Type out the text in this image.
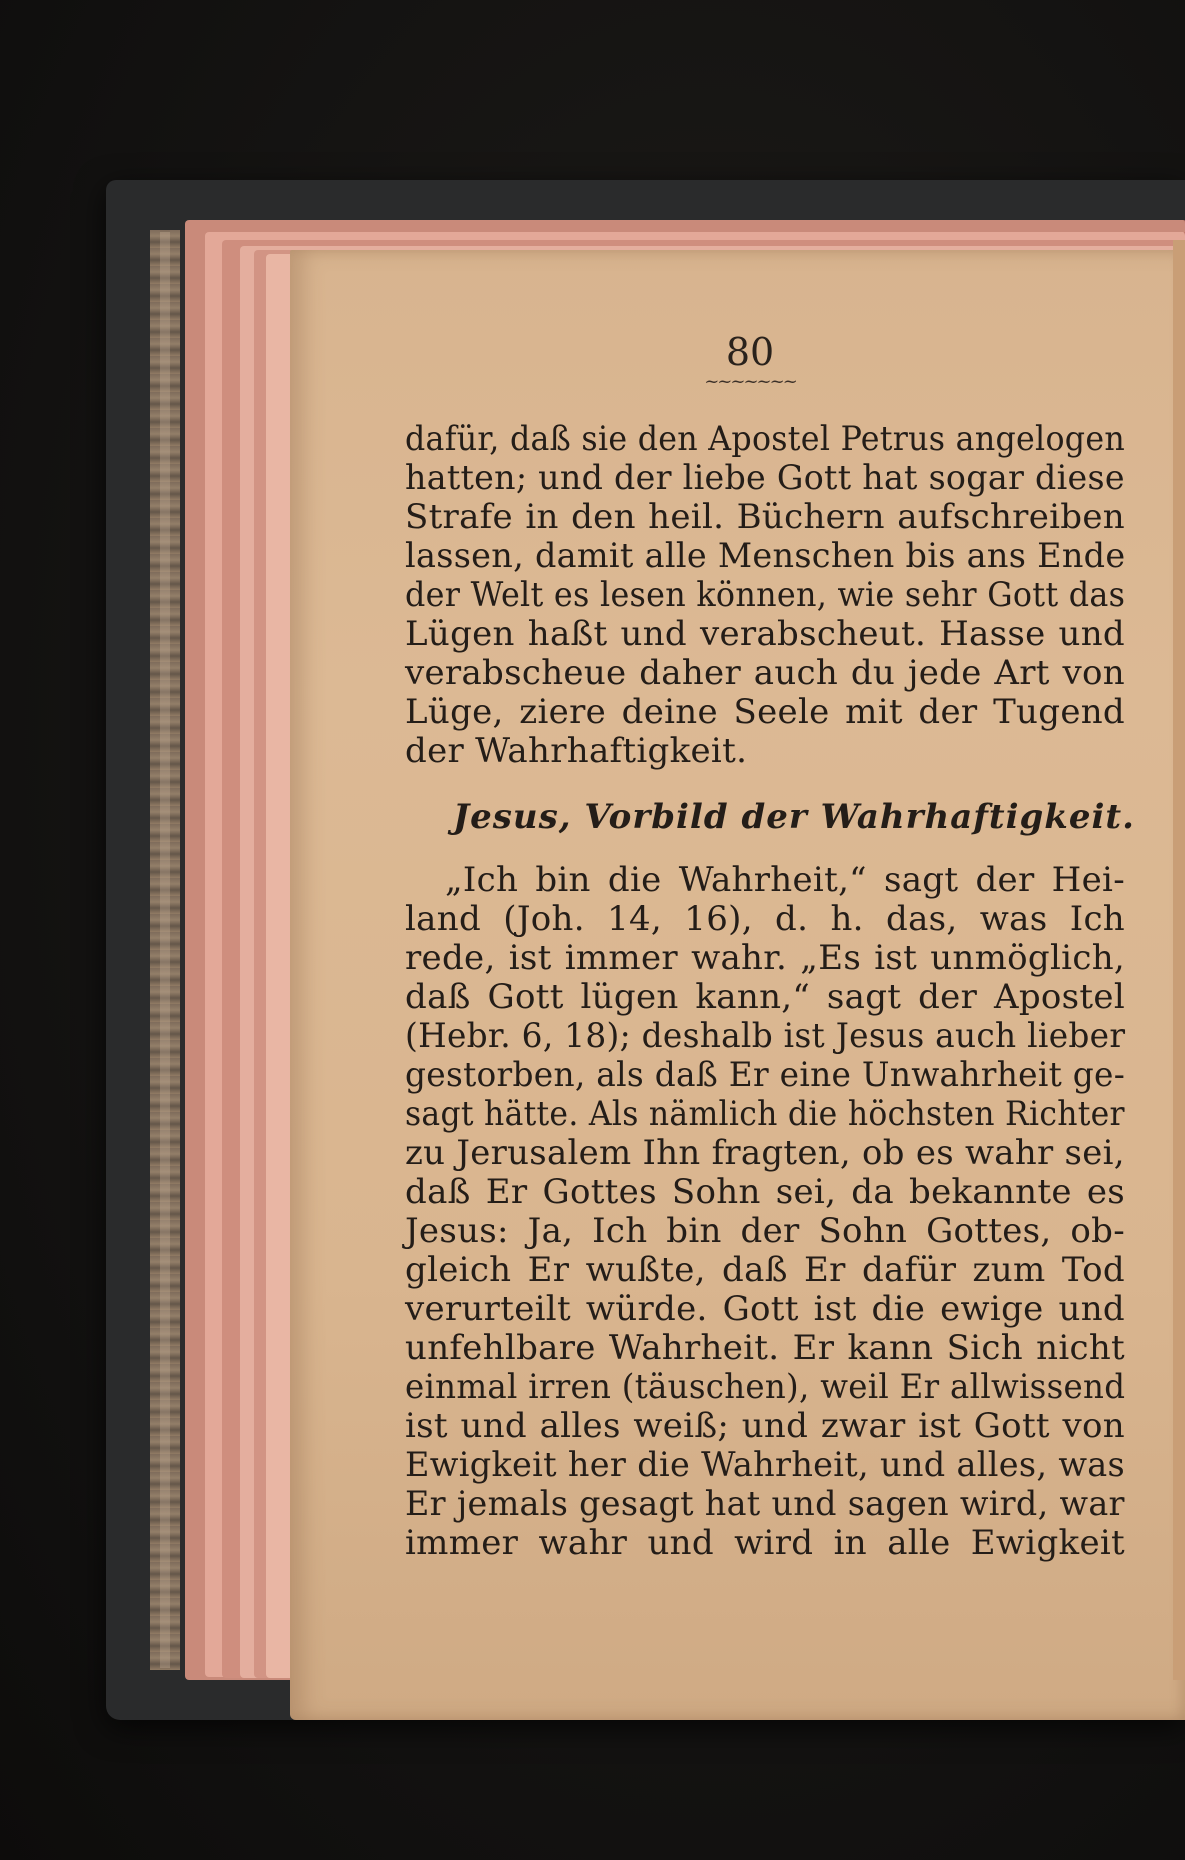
80
~~~~~~~
dafür, daß sie den Apostel Petrus angelogen
hatten; und der liebe Gott hat sogar diese
Strafe in den heil. Büchern aufschreiben
lassen, damit alle Menschen bis ans Ende
der Welt es lesen können, wie sehr Gott das
Lügen haßt und verabscheut. Hasse und
verabscheue daher auch du jede Art von
Lüge, ziere deine Seele mit der Tugend
der Wahrhaftigkeit.
Jesus, Vorbild der Wahrhaftigkeit.
„Ich bin die Wahrheit,“ sagt der Hei-
land (Joh. 14, 16), d. h. das, was Ich
rede, ist immer wahr. „Es ist unmöglich,
daß Gott lügen kann,“ sagt der Apostel
(Hebr. 6, 18); deshalb ist Jesus auch lieber
gestorben, als daß Er eine Unwahrheit ge-
sagt hätte. Als nämlich die höchsten Richter
zu Jerusalem Ihn fragten, ob es wahr sei,
daß Er Gottes Sohn sei, da bekannte es
Jesus: Ja, Ich bin der Sohn Gottes, ob-
gleich Er wußte, daß Er dafür zum Tod
verurteilt würde. Gott ist die ewige und
unfehlbare Wahrheit. Er kann Sich nicht
einmal irren (täuschen), weil Er allwissend
ist und alles weiß; und zwar ist Gott von
Ewigkeit her die Wahrheit, und alles, was
Er jemals gesagt hat und sagen wird, war
immer wahr und wird in alle Ewigkeit
